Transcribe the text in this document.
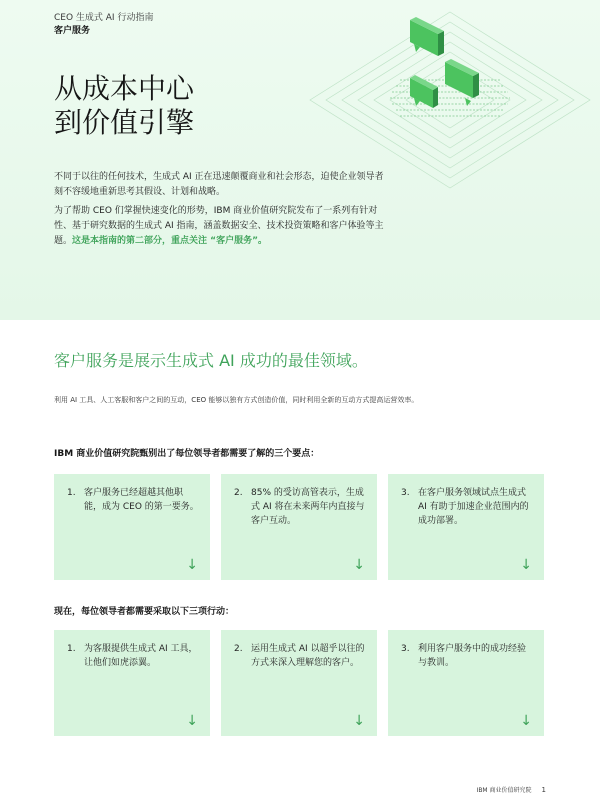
CEO 生成式 AI 行动指南
客户服务
从成本中心
到价值引擎

不同于以往的任何技术，生成式 AI 正在迅速颠覆商业和社会形态，迫使企业领导者刻不容缓地重新思考其假设、计划和战略。

为了帮助 CEO 们掌握快速变化的形势，IBM 商业价值研究院发布了一系列有针对性、基于研究数据的生成式 AI 指南，涵盖数据安全、技术投资策略和客户体验等主题。这是本指南的第二部分，重点关注 “客户服务”。

客户服务是展示生成式 AI 成功的最佳领域。
利用 AI 工具、人工客服和客户之间的互动，CEO 能够以独有方式创造价值，同时利用全新的互动方式提高运营效率。
IBM 商业价值研究院甄别出了每位领导者都需要了解的三个要点：
1. 客户服务已经超越其他职能，成为 CEO 的第一要务。
↓
2. 85% 的受访高管表示，生成式 AI 将在未来两年内直接与客户互动。
↓
3. 在客户服务领域试点生成式 AI 有助于加速企业范围内的成功部署。
↓
现在，每位领导者都需要采取以下三项行动：
1. 为客服提供生成式 AI 工具，让他们如虎添翼。
↓
2. 运用生成式 AI 以超乎以往的方式来深入理解您的客户。
↓
3. 利用客户服务中的成功经验与教训。
↓
IBM 商业价值研究院 1
